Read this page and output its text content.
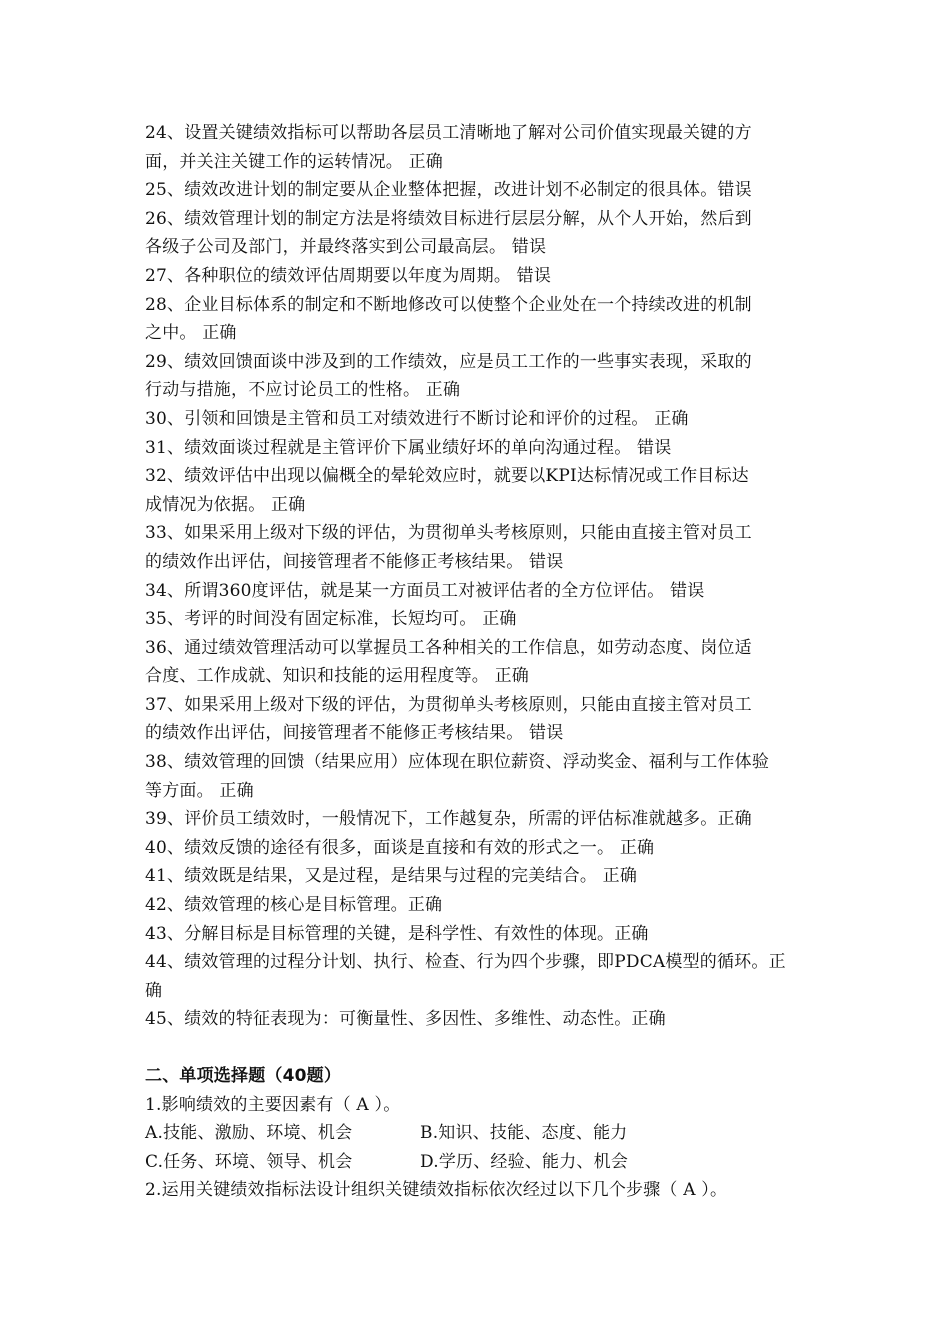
24、设置关键绩效指标可以帮助各层员工清晰地了解对公司价值实现最关键的方
面，并关注关键工作的运转情况。 正确
25、绩效改进计划的制定要从企业整体把握，改进计划不必制定的很具体。错误
26、绩效管理计划的制定方法是将绩效目标进行层层分解，从个人开始，然后到
各级子公司及部门，并最终落实到公司最高层。 错误
27、各种职位的绩效评估周期要以年度为周期。 错误
28、企业目标体系的制定和不断地修改可以使整个企业处在一个持续改进的机制
之中。 正确
29、绩效回馈面谈中涉及到的工作绩效，应是员工工作的一些事实表现，采取的
行动与措施，不应讨论员工的性格。 正确
30、引领和回馈是主管和员工对绩效进行不断讨论和评价的过程。 正确
31、绩效面谈过程就是主管评价下属业绩好坏的单向沟通过程。 错误
32、绩效评估中出现以偏概全的晕轮效应时，就要以KPI达标情况或工作目标达
成情况为依据。 正确
33、如果采用上级对下级的评估，为贯彻单头考核原则，只能由直接主管对员工
的绩效作出评估，间接管理者不能修正考核结果。 错误
34、所谓360度评估，就是某一方面员工对被评估者的全方位评估。 错误
35、考评的时间没有固定标准，长短均可。 正确
36、通过绩效管理活动可以掌握员工各种相关的工作信息，如劳动态度、岗位适
合度、工作成就、知识和技能的运用程度等。 正确
37、如果采用上级对下级的评估，为贯彻单头考核原则，只能由直接主管对员工
的绩效作出评估，间接管理者不能修正考核结果。 错误
38、绩效管理的回馈（结果应用）应体现在职位薪资、浮动奖金、福利与工作体验
等方面。 正确
39、评价员工绩效时，一般情况下，工作越复杂，所需的评估标准就越多。正确
40、绩效反馈的途径有很多，面谈是直接和有效的形式之一。 正确
41、绩效既是结果，又是过程，是结果与过程的完美结合。 正确
42、绩效管理的核心是目标管理。正确
43、分解目标是目标管理的关键，是科学性、有效性的体现。正确
44、绩效管理的过程分计划、执行、检查、行为四个步骤，即PDCA模型的循环。正
确
45、绩效的特征表现为：可衡量性、多因性、多维性、动态性。正确
二、单项选择题（40题）
1.影响绩效的主要因素有（ A ）。
A.技能、激励、环境、机会	B.知识、技能、态度、能力
C.任务、环境、领导、机会	D.学历、经验、能力、机会
2.运用关键绩效指标法设计组织关键绩效指标依次经过以下几个步骤（ A ）。
